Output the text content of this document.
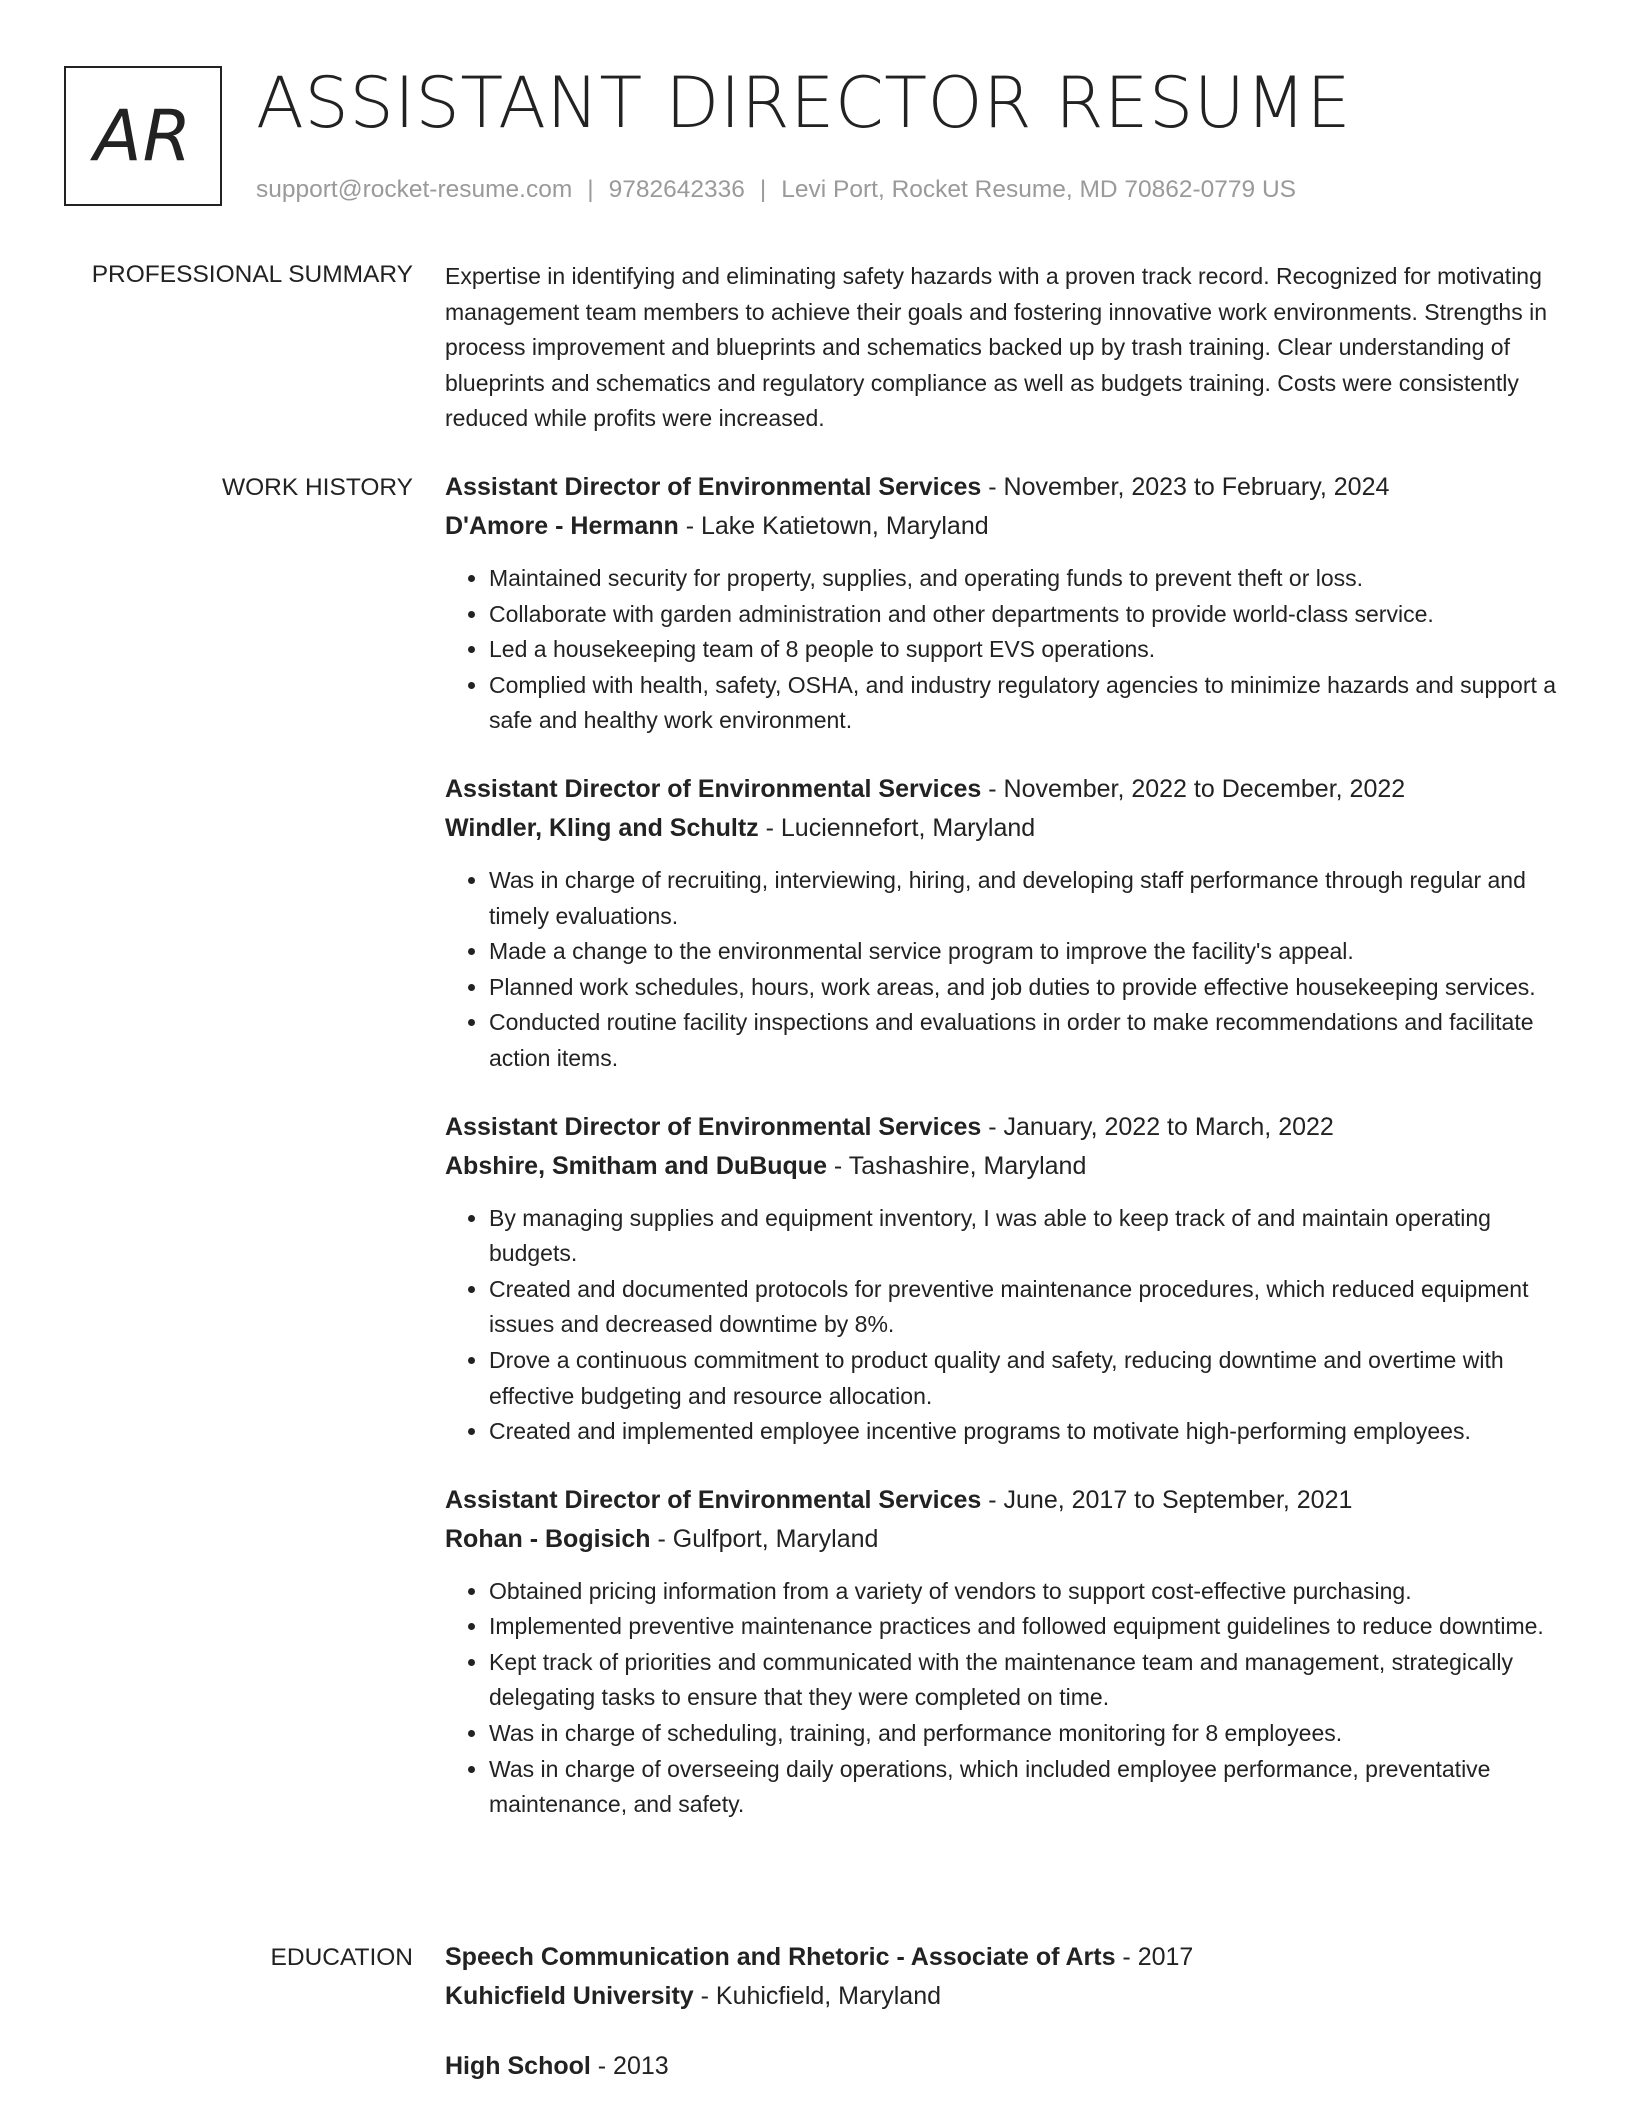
AR ASSISTANT DIRECTOR RESUME
support@rocket-resume.com | 9782642336 | Levi Port, Rocket Resume, MD 70862-0779 US
PROFESSIONAL SUMMARY Expertise in identifying and eliminating safety hazards with a proven track record. Recognized for motivating management team members to achieve their goals and fostering innovative work environments. Strengths in process improvement and blueprints and schematics backed up by trash training. Clear understanding of blueprints and schematics and regulatory compliance as well as budgets training. Costs were consistently reduced while profits were increased.

WORK HISTORY Assistant Director of Environmental Services - November, 2023 to February, 2024
D'Amore - Hermann - Lake Katietown, Maryland
• Maintained security for property, supplies, and operating funds to prevent theft or loss.
• Collaborate with garden administration and other departments to provide world-class service.
• Led a housekeeping team of 8 people to support EVS operations.
• Complied with health, safety, OSHA, and industry regulatory agencies to minimize hazards and support a safe and healthy work environment.
Assistant Director of Environmental Services - November, 2022 to December, 2022
Windler, Kling and Schultz - Luciennefort, Maryland
• Was in charge of recruiting, interviewing, hiring, and developing staff performance through regular and timely evaluations.
• Made a change to the environmental service program to improve the facility's appeal.
• Planned work schedules, hours, work areas, and job duties to provide effective housekeeping services.
• Conducted routine facility inspections and evaluations in order to make recommendations and facilitate action items.
Assistant Director of Environmental Services - January, 2022 to March, 2022
Abshire, Smitham and DuBuque - Tashashire, Maryland
• By managing supplies and equipment inventory, I was able to keep track of and maintain operating budgets.
• Created and documented protocols for preventive maintenance procedures, which reduced equipment issues and decreased downtime by 8%.
• Drove a continuous commitment to product quality and safety, reducing downtime and overtime with effective budgeting and resource allocation.
• Created and implemented employee incentive programs to motivate high-performing employees.
Assistant Director of Environmental Services - June, 2017 to September, 2021
Rohan - Bogisich - Gulfport, Maryland
• Obtained pricing information from a variety of vendors to support cost-effective purchasing.
• Implemented preventive maintenance practices and followed equipment guidelines to reduce downtime.
• Kept track of priorities and communicated with the maintenance team and management, strategically delegating tasks to ensure that they were completed on time.
• Was in charge of scheduling, training, and performance monitoring for 8 employees.
• Was in charge of overseeing daily operations, which included employee performance, preventative maintenance, and safety.
EDUCATION Speech Communication and Rhetoric - Associate of Arts - 2017
Kuhicfield University - Kuhicfield, Maryland
High School - 2013
